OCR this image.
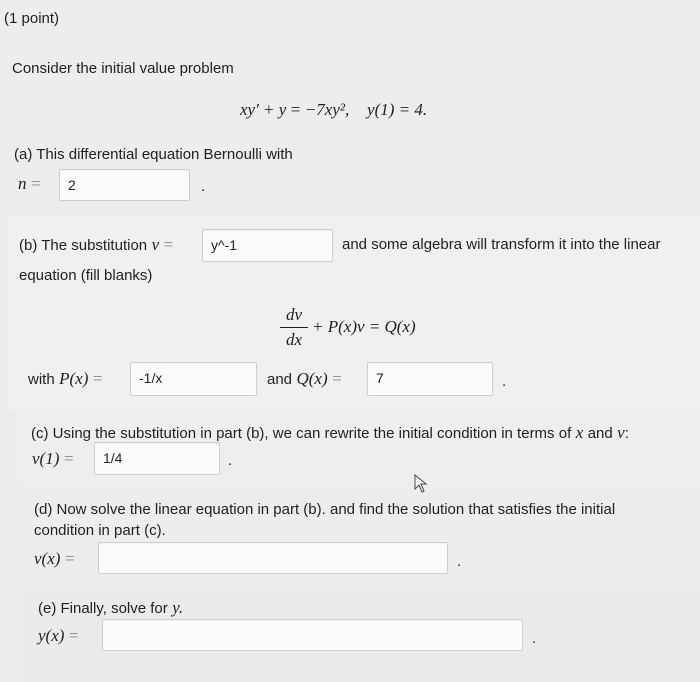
(1 point)
Consider the initial value problem
xy′ + y = −7xy², y(1) = 4.
(a) This differential equation Bernoulli with
n =	2	.
(b) The substitution v =	y^-1	and some algebra will transform it into the linear
equation (fill blanks)
dv
dx
+ P(x)v = Q(x)
with P(x) =	-1/x	and Q(x) =	7	.
(c) Using the substitution in part (b), we can rewrite the initial condition in terms of x and v:
v(1) =	1/4	.
(d) Now solve the linear equation in part (b). and find the solution that satisfies the initial
condition in part (c).
v(x) =	.
(e) Finally, solve for y.
y(x) =	.
